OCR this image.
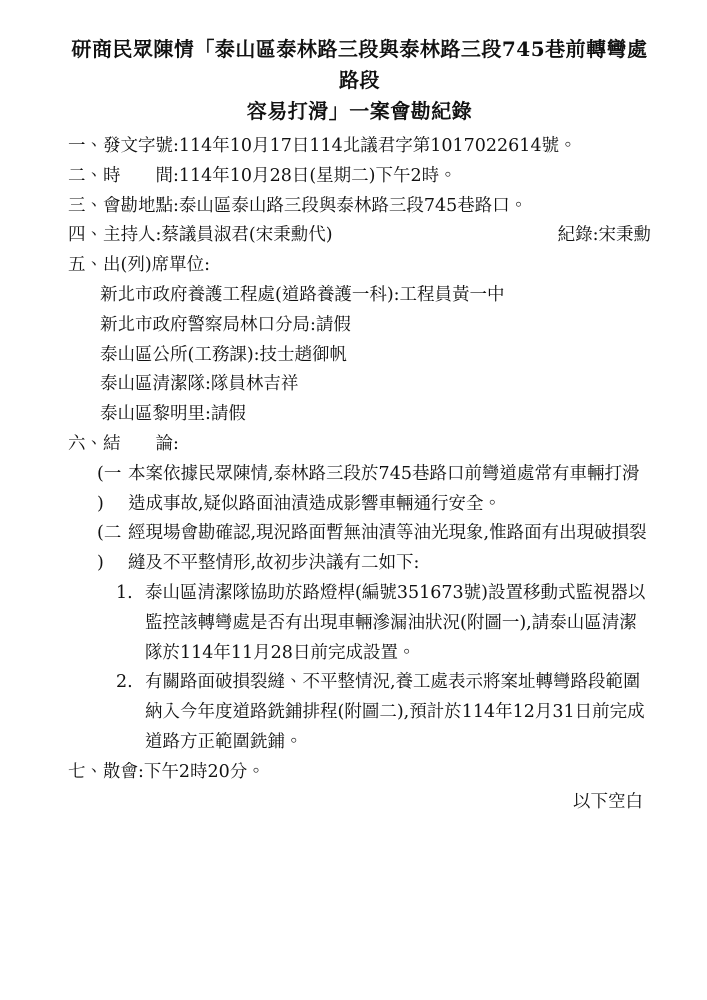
研商民眾陳情「泰山區泰林路三段與泰林路三段745巷前轉彎處路段
容易打滑」一案會勘紀錄
一、發文字號:114年10月17日114北議君字第1017022614號。
二、時　　間:114年10月28日(星期二)下午2時。
三、會勘地點:泰山區泰山路三段與泰林路三段745巷路口。
四、主持人:蔡議員淑君(宋秉勳代)	紀錄:宋秉勳
五、出(列)席單位:
新北市政府養護工程處(道路養護一科):工程員黃一中
新北市政府警察局林口分局:請假
泰山區公所(工務課):技士趙御帆
泰山區清潔隊:隊員林吉祥
泰山區黎明里:請假
六、結　　論:
(一)
本案依據民眾陳情,泰林路三段於745巷路口前彎道處常有車輛打滑造成事故,疑似路面油漬造成影響車輛通行安全。
(二)
經現場會勘確認,現況路面暫無油漬等油光現象,惟路面有出現破損裂縫及不平整情形,故初步決議有二如下:
1. 泰山區清潔隊協助於路燈桿(編號351673號)設置移動式監視器以監控該轉彎處是否有出現車輛滲漏油狀況(附圖一),請泰山區清潔隊於114年11月28日前完成設置。
2. 有關路面破損裂縫、不平整情況,養工處表示將案址轉彎路段範圍納入今年度道路銑鋪排程(附圖二),預計於114年12月31日前完成道路方正範圍銑鋪。
七、散會:下午2時20分。
以下空白
